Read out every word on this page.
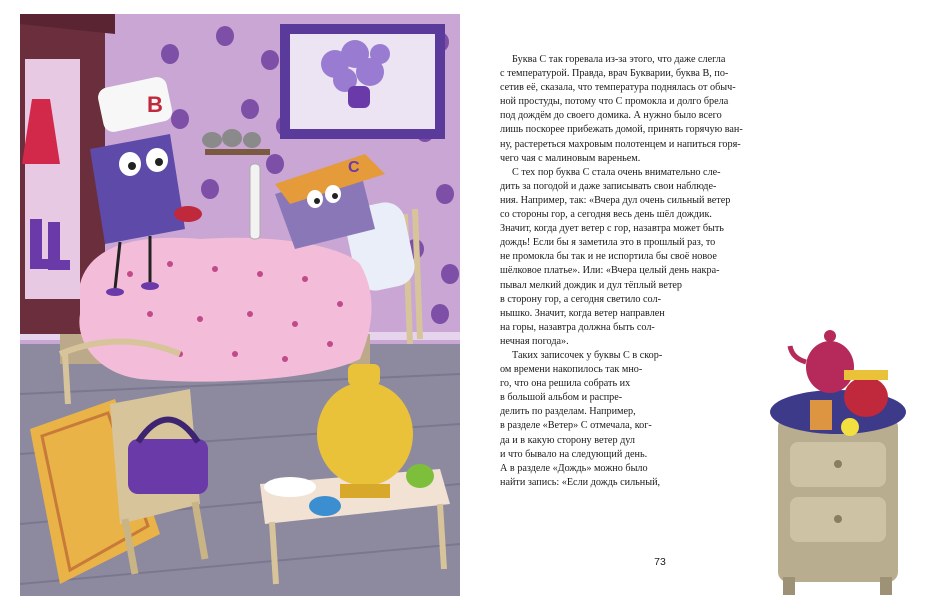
С
В

Буква С так горевала из-за этого, что даже слегла
с температурой. Правда, врач Букварии, буква В, по-
сетив её, сказала, что температура поднялась от обыч-
ной простуды, потому что С промокла и долго брела
под дождём до своего домика. А нужно было всего
лишь поскорее прибежать домой, принять горячую ван-
ну, растереться махровым полотенцем и напиться горя-
чего чая с малиновым вареньем.

С тех пор буква С стала очень внимательно сле-
дить за погодой и даже записывать свои наблюде-
ния. Например, так: «Вчера дул очень сильный ветер
со стороны гор, а сегодня весь день шёл дождик.
Значит, когда дует ветер с гор, назавтра может быть
дождь! Если бы я заметила это в прошлый раз, то
не промокла бы так и не испортила бы своё новое
шёлковое платье». Или: «Вчера целый день накра-
пывал мелкий дождик и дул тёплый ветер
в сторону гор, а сегодня светило сол-
нышко. Значит, когда ветер направлен
на горы, назавтра должна быть сол-
нечная погода».

Таких записочек у буквы С в скор-
ом времени накопилось так мно-
го, что она решила собрать их
в большой альбом и распре-
делить по разделам. Например,
в разделе «Ветер» С отмечала, ког-
да и в какую сторону ветер дул
и что бывало на следующий день.
А в разделе «Дождь» можно было
найти запись: «Если дождь сильный,

73
